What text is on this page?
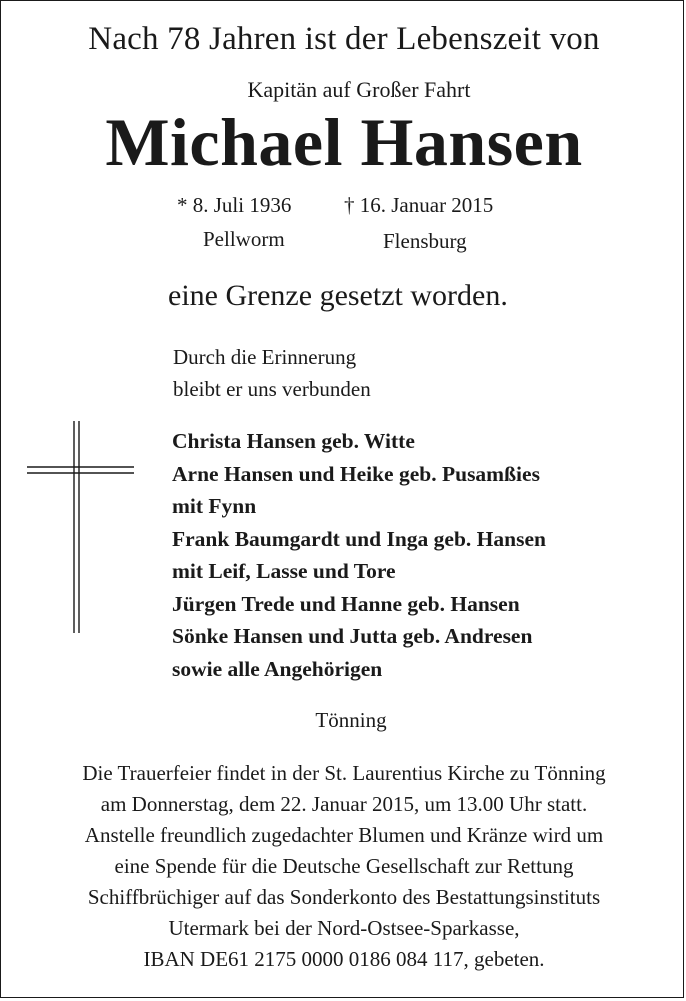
Nach 78 Jahren ist der Lebenszeit von
Kapitän auf Großer Fahrt
Michael Hansen
* 8. Juli 1936
Pellworm
† 16. Januar 2015
Flensburg
eine Grenze gesetzt worden.
Durch die Erinnerung
bleibt er uns verbunden
Christa Hansen geb. Witte
Arne Hansen und Heike geb. Pusamßies
mit Fynn
Frank Baumgardt und Inga geb. Hansen
mit Leif, Lasse und Tore
Jürgen Trede und Hanne geb. Hansen
Sönke Hansen und Jutta geb. Andresen
sowie alle Angehörigen
Tönning
Die Trauerfeier findet in der St. Laurentius Kirche zu Tönning
am Donnerstag, dem 22. Januar 2015, um 13.00 Uhr statt.
Anstelle freundlich zugedachter Blumen und Kränze wird um
eine Spende für die Deutsche Gesellschaft zur Rettung
Schiffbrüchiger auf das Sonderkonto des Bestattungsinstituts
Utermark bei der Nord-Ostsee-Sparkasse,
IBAN DE61 2175 0000 0186 084 117, gebeten.
